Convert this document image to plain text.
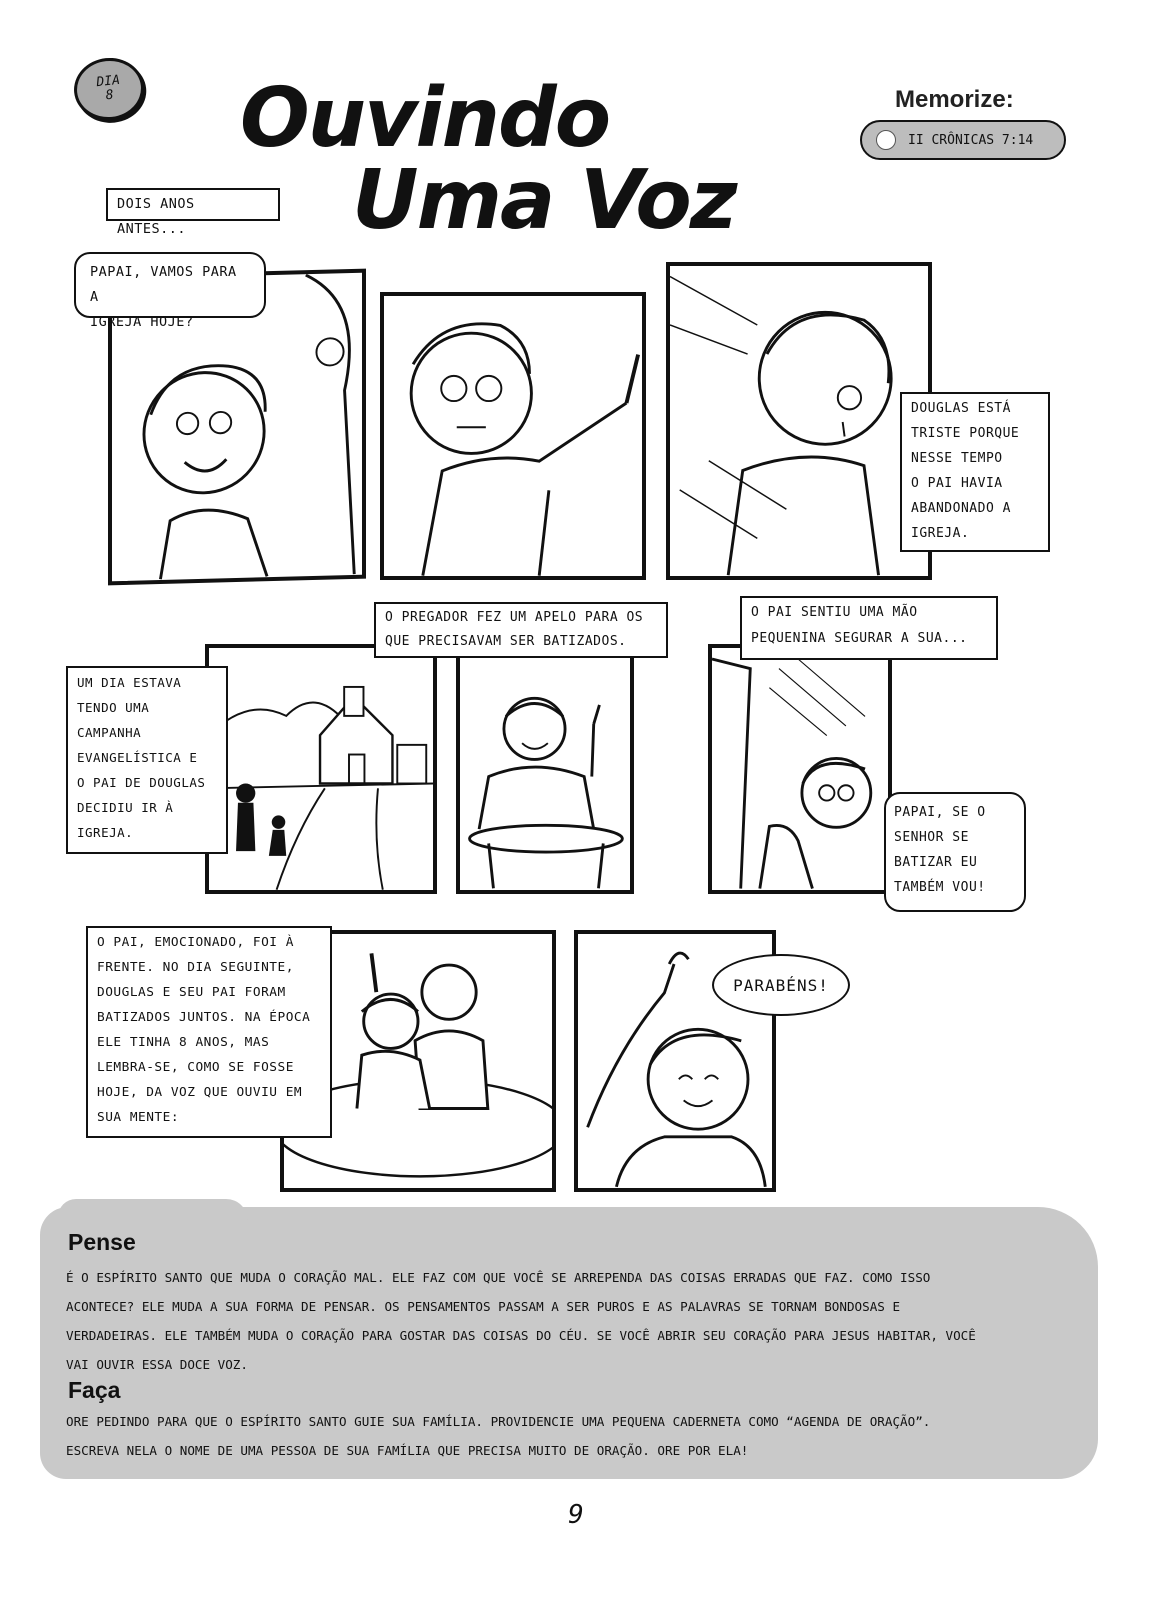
DIA
8 Ouvindo
Uma Voz
Memorize:
II CRÔNICAS 7:14
DOIS ANOS ANTES...
PAPAI, VAMOS PARA A
IGREJA HOJE?
DOUGLAS ESTÁ
TRISTE PORQUE
NESSE TEMPO
O PAI HAVIA
ABANDONADO A
IGREJA.
UM DIA ESTAVA
TENDO UMA
CAMPANHA
EVANGELÍSTICA E
O PAI DE DOUGLAS
DECIDIU IR À
IGREJA.
O PREGADOR FEZ UM APELO PARA OS
QUE PRECISAVAM SER BATIZADOS.
O PAI SENTIU UMA MÃO
PEQUENINA SEGURAR A SUA...
PAPAI, SE O
SENHOR SE
BATIZAR EU
TAMBÉM VOU!
O PAI, EMOCIONADO, FOI À
FRENTE. NO DIA SEGUINTE,
DOUGLAS E SEU PAI FORAM
BATIZADOS JUNTOS. NA ÉPOCA
ELE TINHA 8 ANOS, MAS
LEMBRA-SE, COMO SE FOSSE
HOJE, DA VOZ QUE OUVIU EM
SUA MENTE:
PARABÉNS!
Pense
É O ESPÍRITO SANTO QUE MUDA O CORAÇÃO MAL. ELE FAZ COM QUE VOCÊ SE ARREPENDA DAS COISAS ERRADAS QUE FAZ. COMO ISSO
ACONTECE? ELE MUDA A SUA FORMA DE PENSAR. OS PENSAMENTOS PASSAM A SER PUROS E AS PALAVRAS SE TORNAM BONDOSAS E
VERDADEIRAS. ELE TAMBÉM MUDA O CORAÇÃO PARA GOSTAR DAS COISAS DO CÉU. SE VOCÊ ABRIR SEU CORAÇÃO PARA JESUS HABITAR, VOCÊ
VAI OUVIR ESSA DOCE VOZ.
Faça
ORE PEDINDO PARA QUE O ESPÍRITO SANTO GUIE SUA FAMÍLIA. PROVIDENCIE UMA PEQUENA CADERNETA COMO “AGENDA DE ORAÇÃO”.
ESCREVA NELA O NOME DE UMA PESSOA DE SUA FAMÍLIA QUE PRECISA MUITO DE ORAÇÃO. ORE POR ELA!
9
